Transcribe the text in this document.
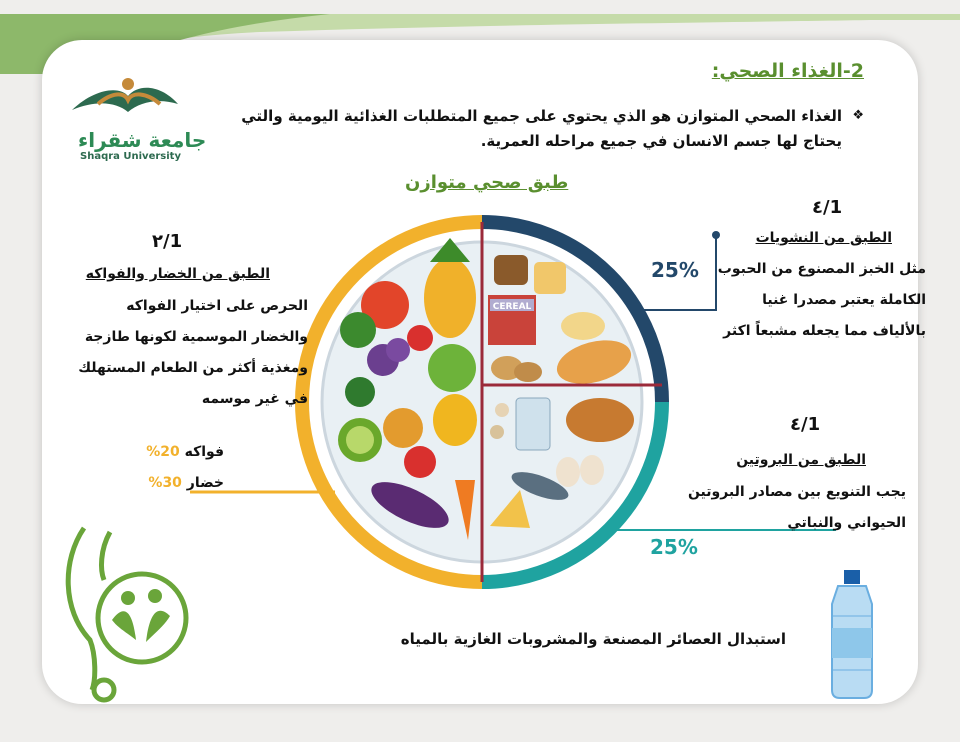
CEREAL
2-الغذاء الصحي:
❖
الغذاء الصحي المتوازن هو الذي يحتوي على جميع المتطلبات الغذائية اليومية والتي يحتاج لها جسم الانسان في جميع مراحله العمرية.
طبق صحي متوازن
جامعة شقراء
Shaqra University
٤/1
الطبق من النشويات
مثل الخبز المصنوع من الحبوب
الكاملة يعتبر مصدرا غنيا
بالألياف مما يجعله مشبعاً اكثر
25%
٤/1
الطبق من البروتين
يجب التنويع بين مصادر البروتين
الحيواني والنباتي
25%
٢/1
الطبق من الخضار والفواكه
الحرص على اختيار الفواكه
والخضار الموسمية لكونها طازجة
ومغذية أكثر من الطعام المستهلك
في غير موسمه
فواكه 20%
خضار 30%
استبدال العصائر المصنعة والمشروبات الغازية بالمياه
